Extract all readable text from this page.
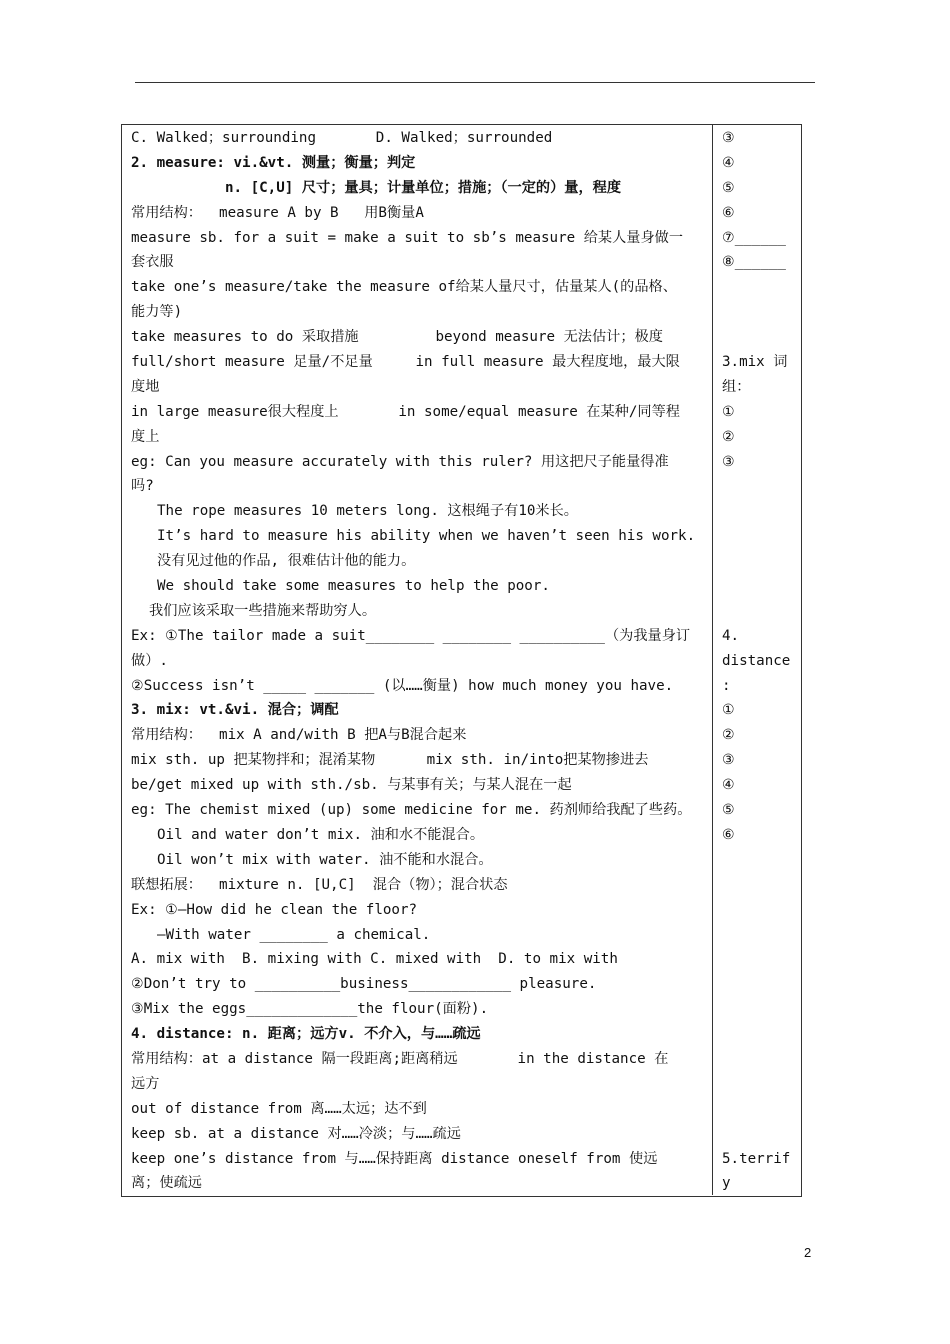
C. Walked；surrounding       D. Walked；surrounded
2. measure: vi.&vt. 测量；衡量；判定
n. [C,U] 尺寸；量具；计量单位；措施；（一定的）量，程度
常用结构：  measure A by B   用B衡量A
measure sb. for a suit = make a suit to sb’s measure 给某人量身做一
套衣服
take one’s measure/take the measure of给某人量尺寸，估量某人(的品格、
能力等)
take measures to do 采取措施         beyond measure 无法估计；极度
full/short measure 足量/不足量     in full measure 最大程度地，最大限
度地
in large measure很大程度上       in some/equal measure 在某种/同等程
度上
eg: Can you measure accurately with this ruler? 用这把尺子能量得准
吗?
The rope measures 10 meters long. 这根绳子有10米长。
It’s hard to measure his ability when we haven’t seen his work.
没有见过他的作品, 很难估计他的能力。
We should take some measures to help the poor.
我们应该采取一些措施来帮助穷人。
Ex: ①The tailor made a suit________ ________ __________（为我量身订
做）.
②Success isn’t _____ _______ (以……衡量) how much money you have.
3. mix: vt.&vi. 混合；调配
常用结构：  mix A and/with B 把A与B混合起来
mix sth. up 把某物拌和；混淆某物      mix sth. in/into把某物掺进去
be/get mixed up with sth./sb. 与某事有关；与某人混在一起
eg: The chemist mixed (up) some medicine for me. 药剂师给我配了些药。
Oil and water don’t mix. 油和水不能混合。
Oil won’t mix with water. 油不能和水混合。
联想拓展：  mixture n. [U,C]  混合（物）；混合状态
Ex: ①—How did he clean the floor?
—With water ________ a chemical.
A. mix with  B. mixing with C. mixed with  D. to mix with
②Don’t try to __________business____________ pleasure.
③Mix the eggs_____________the flour(面粉).
4. distance: n. 距离；远方v. 不介入，与……疏远
常用结构：at a distance 隔一段距离;距离稍远       in the distance 在
远方
out of distance from 离……太远；达不到
keep sb. at a distance 对……冷淡；与……疏远
keep one’s distance from 与……保持距离 distance oneself from 使远
离；使疏远
③
④
⑤
⑥
⑦______
⑧______
3.mix 词
组：
①
②
③
4.
distance
:
①
②
③
④
⑤
⑥
5.terrif
y
2
